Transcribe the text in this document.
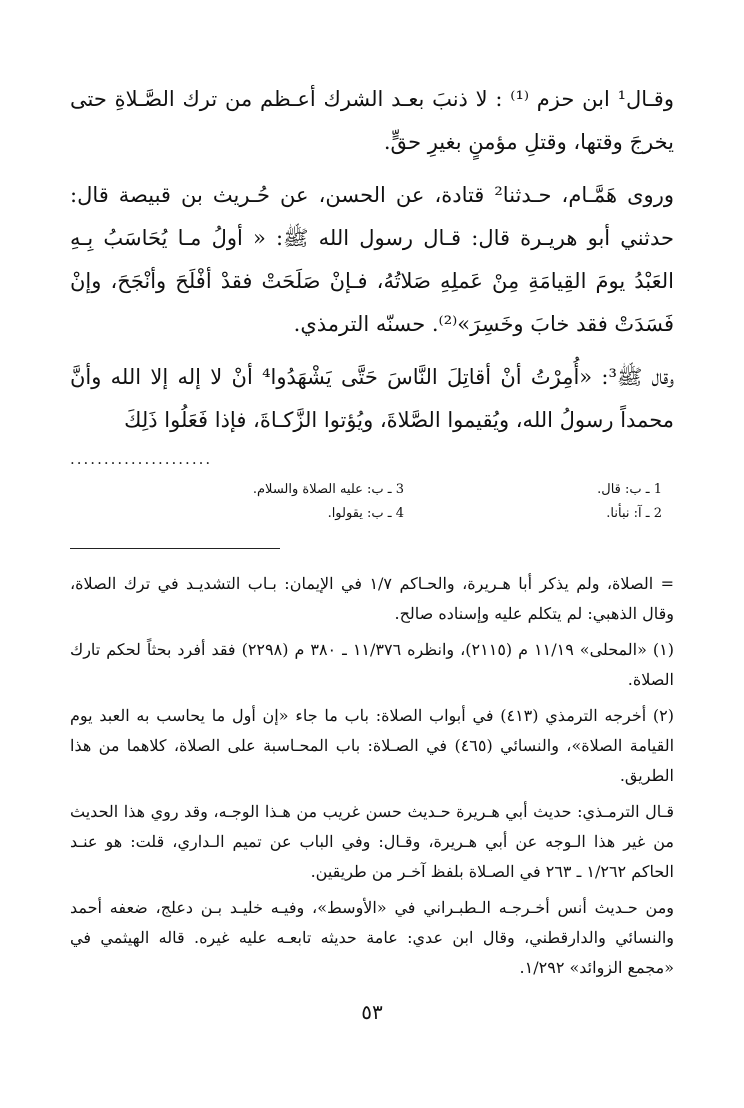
وقـال¹ ابن حزم ⁽¹⁾ : لا ذنبَ بعـد الشرك أعـظم من ترك الصَّـلاةِ حتى يخرجَ وقتها، وقتلِ مؤمنٍ بغيرِ حقٍّ.

وروى هَمَّـام، حـدثنا² قتادة، عن الحسن، عن حُـريث بن قبيصة قال: حدثني أبو هريـرة قال: قـال رسول الله ﷺ: « أولُ مـا يُحَاسَبُ بِـهِ العَبْدُ يومَ القِيامَةِ مِنْ عَملِهِ صَلاتُهُ، فـإنْ صَلَحَتْ فقدْ أفْلَحَ وأنْجَحَ، وإنْ فَسَدَتْ فقد خابَ وخَسِرَ»⁽²⁾. حسنّه الترمذي.

وقال ﷺ³: «أُمِرْتُ أنْ أقاتِلَ النَّاسَ حَتَّى يَشْهَدُوا⁴ أنْ لا إله إلا الله وأنَّ محمداً رسولُ الله، ويُقيموا الصَّلاةَ، ويُؤتوا الزَّكـاةَ، فإذا فَعَلُوا ذَلِكَ

.....................
1 ـ ب: قال.
2 ـ آ: نبأنا.
3 ـ ب: عليه الصلاة والسلام.
4 ـ ب: يقولوا.

= الصلاة، ولم يذكر أبا هـريرة، والحـاكم ١/٧ في الإيمان: بـاب التشديـد في ترك الصلاة، وقال الذهبي: لم يتكلم عليه وإسناده صالح.

(١) «المحلى» ١١/١٩ م (٢١١٥)، وانظره ١١/٣٧٦ ـ ٣٨٠ م (٢٢٩٨) فقد أفرد بحثاً لحكم تارك الصلاة.

(٢) أخرجه الترمذي (٤١٣) في أبواب الصلاة: باب ما جاء «إن أول ما يحاسب به العبد يوم القيامة الصلاة»، والنسائي (٤٦٥) في الصـلاة: باب المحـاسبة على الصلاة، كلاهما من هذا الطريق.

قـال الترمـذي: حديث أبي هـريرة حـديث حسن غريب من هـذا الوجـه، وقد روي هذا الحديث من غير هذا الـوجه عن أبي هـريرة، وقـال: وفي الباب عن تميم الـداري، قلت: هو عنـد الحاكم ١/٢٦٢ ـ ٢٦٣ في الصـلاة بلفظ آخـر من طريقين.

ومن حـديث أنس أخـرجـه الـطبـراني في «الأوسط»، وفيـه خليـد بـن دعلج، ضعفه أحمد والنسائي والدارقطني، وقال ابن عدي: عامة حديثه تابعـه عليه غيره. قاله الهيثمي في «مجمع الزوائد» ١/٢٩٢.

٥٣
